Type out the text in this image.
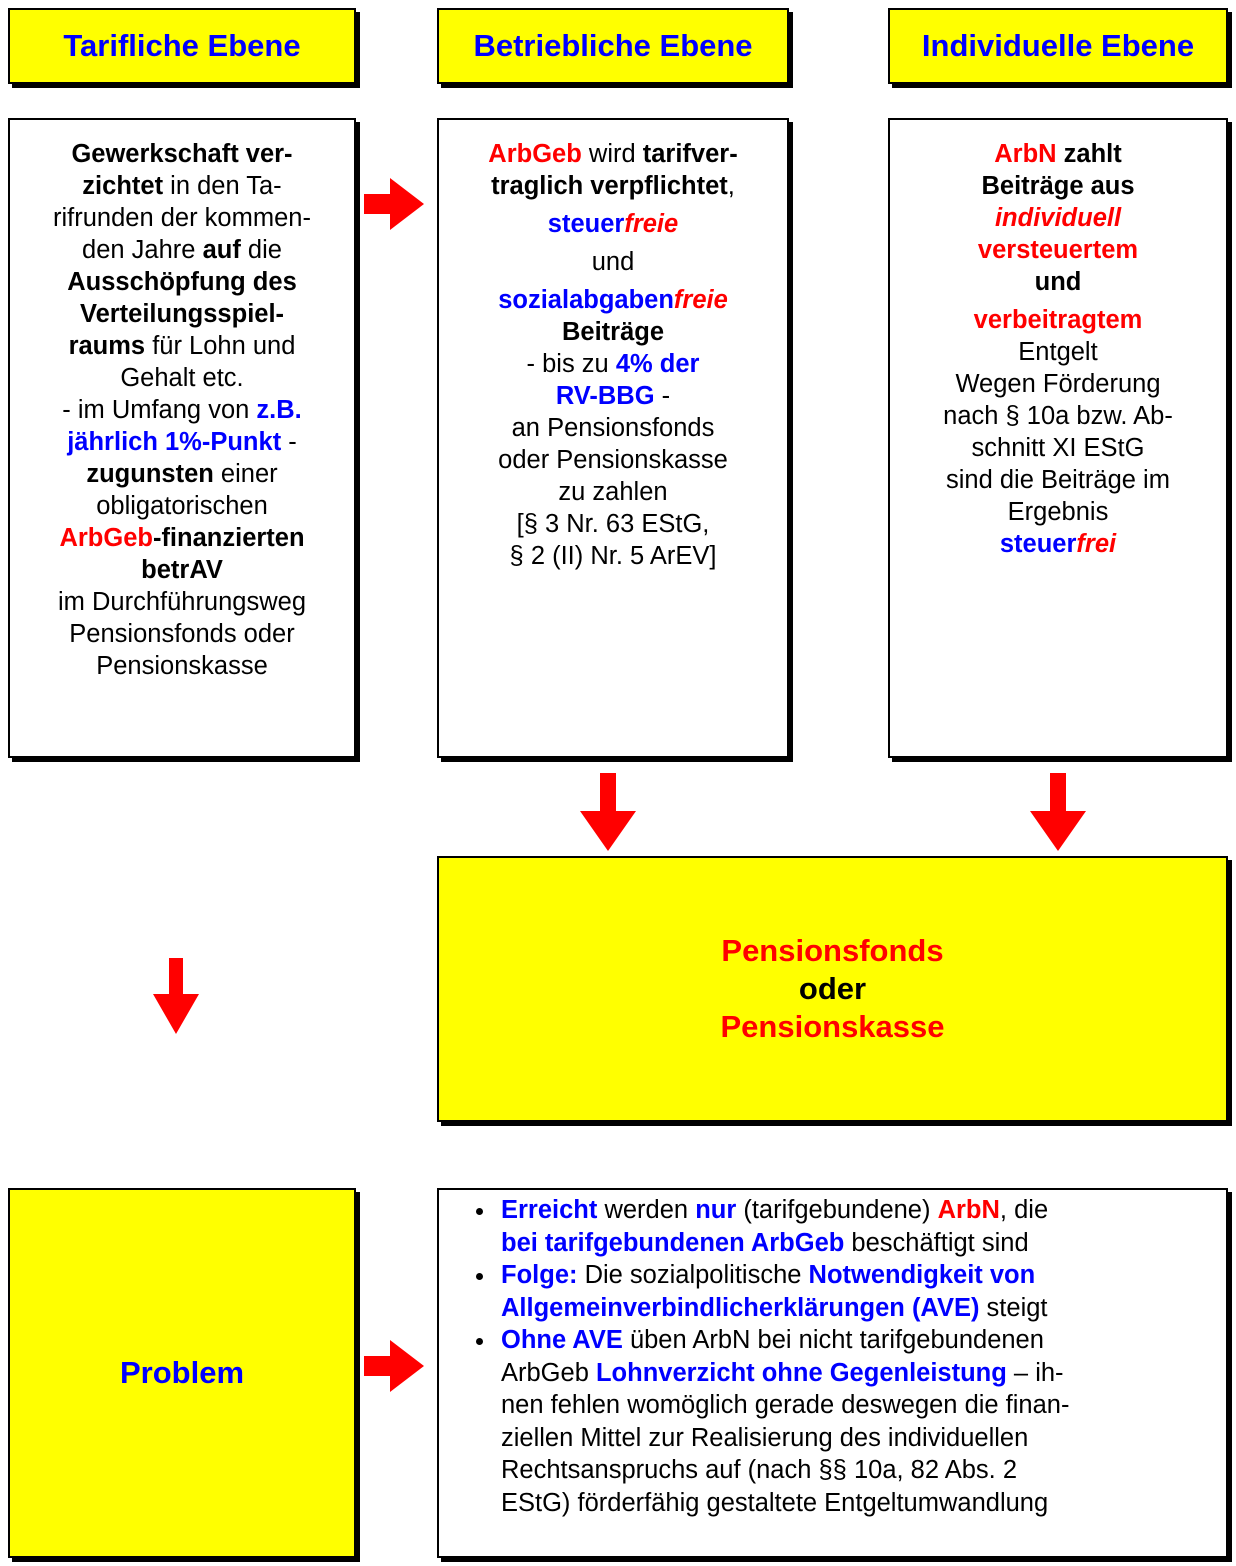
Tarifliche Ebene	Betriebliche Ebene	Individuelle Ebene
Gewerkschaft ver-
zichtet in den Ta-
rifrunden der kommen-
den Jahre auf die
Ausschöpfung des
Verteilungsspiel-
raums für Lohn und
Gehalt etc.
- im Umfang von z.B.
jährlich 1%-Punkt -
zugunsten einer
obligatorischen
ArbGeb-finanzierten
betrAV
im Durchführungsweg
Pensionsfonds oder
Pensionskasse
ArbGeb wird tarifver-
traglich verpflichtet,
steuerfreie
und
sozialabgabenfreie
Beiträge
- bis zu 4% der
RV-BBG -
an Pensionsfonds
oder Pensionskasse
zu zahlen
[§ 3 Nr. 63 EStG,
§ 2 (II) Nr. 5 ArEV]
ArbN zahlt
Beiträge aus
individuell
versteuertem
und
verbeitragtem
Entgelt
Wegen Förderung
nach § 10a bzw. Ab-
schnitt XI EStG
sind die Beiträge im
Ergebnis
steuerfrei
Pensionsfonds
oder
Pensionskasse
Problem
• Erreicht werden nur (tarifgebundene) ArbN, die
bei tarifgebundenen ArbGeb beschäftigt sind
• Folge: Die sozialpolitische Notwendigkeit von
Allgemeinverbindlicherklärungen (AVE) steigt
• Ohne AVE üben ArbN bei nicht tarifgebundenen
ArbGeb Lohnverzicht ohne Gegenleistung – ih-
nen fehlen womöglich gerade deswegen die finan-
ziellen Mittel zur Realisierung des individuellen
Rechtsanspruchs auf (nach §§ 10a, 82 Abs. 2
EStG) förderfähig gestaltete Entgeltumwandlung
